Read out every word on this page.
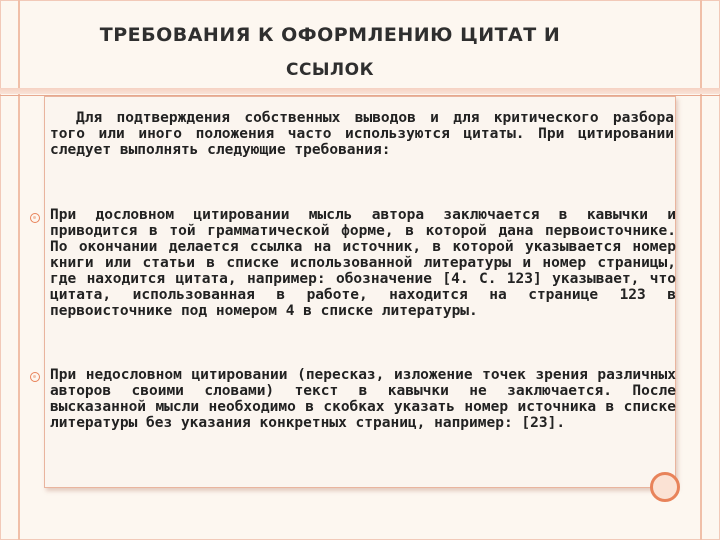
ТРЕБОВАНИЯ К ОФОРМЛЕНИЮ ЦИТАТ И
ССЫЛОК
Для подтверждения собственных выводов и для критического разбора того или иного положения часто используются цитаты. При цитировании следует выполнять следующие требования:
При дословном цитировании мысль автора заключается в кавычки и приводится в той грамматической форме, в которой дана первоисточнике. По окончании делается ссылка на источник, в которой указывается номер книги или статьи в списке использованной литературы и номер страницы, где находится цитата, например: обозначение [4. С. 123] указывает, что цитата, использованная в работе, находится на странице 123 в первоисточнике под номером 4 в списке литературы.
При недословном цитировании (пересказ, изложение точек зрения различных авторов своими словами) текст в кавычки не заключается. После высказанной мысли необходимо в скобках указать номер источника в списке литературы без указания конкретных страниц, например: [23].
